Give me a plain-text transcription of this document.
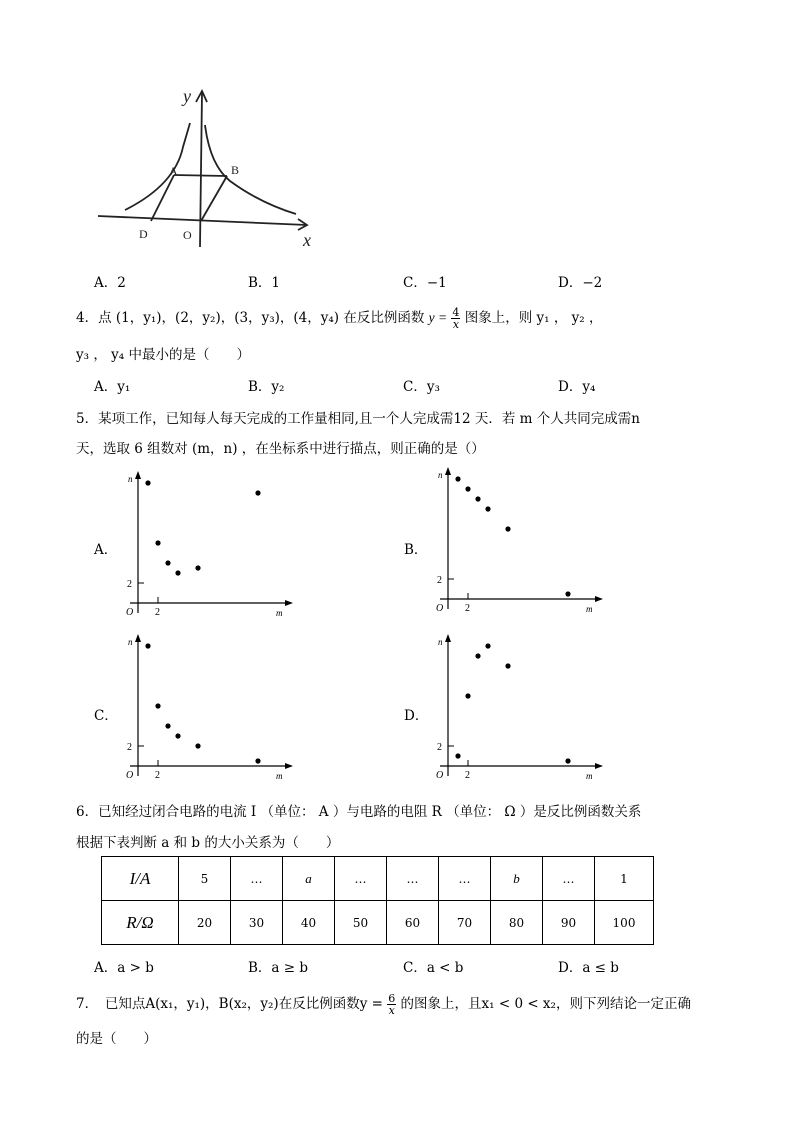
y
x
A	B
D	O
A．2	B．1	C．−1	D．−2
4．点 (1，y₁)，(2，y₂)，(3，y₃)，(4，y₄) 在反比例函数 $y = \frac{4}{x}$ 图象上，则 y₁ ， y₂ ，
y₃ ， y₄ 中最小的是（　　）
A．y₁	B．y₂	C．y₃	D．y₄
5．某项工作，已知每人每天完成的工作量相同,且一个人完成需12 天．若 m 个人共同完成需n
天，选取 6 组数对 (m，n) ，在坐标系中进行描点，则正确的是（）
A．	B．
C．	D．
n
m
O 2
2
n
m
O 2
2
n
m
O 2
2
n
m
O 2
2
6．已知经过闭合电路的电流 I （单位： A ）与电路的电阻 R （单位： Ω ）是反比例函数关系
根据下表判断 a 和 b 的大小关系为（　　）
I/A	5	…	a	…	…	…	b	…	1
R/Ω	20	30	40	50	60	70	80	90	100
A．a > b	B．a ≥ b	C．a < b	D．a ≤ b
7．　已知点A(x₁，y₁)，B(x₂，y₂)在反比例函数$y = \frac{6}{x}$ 的图象上，且x₁ < 0 < x₂，则下列结论一定正确
的是（　　）
